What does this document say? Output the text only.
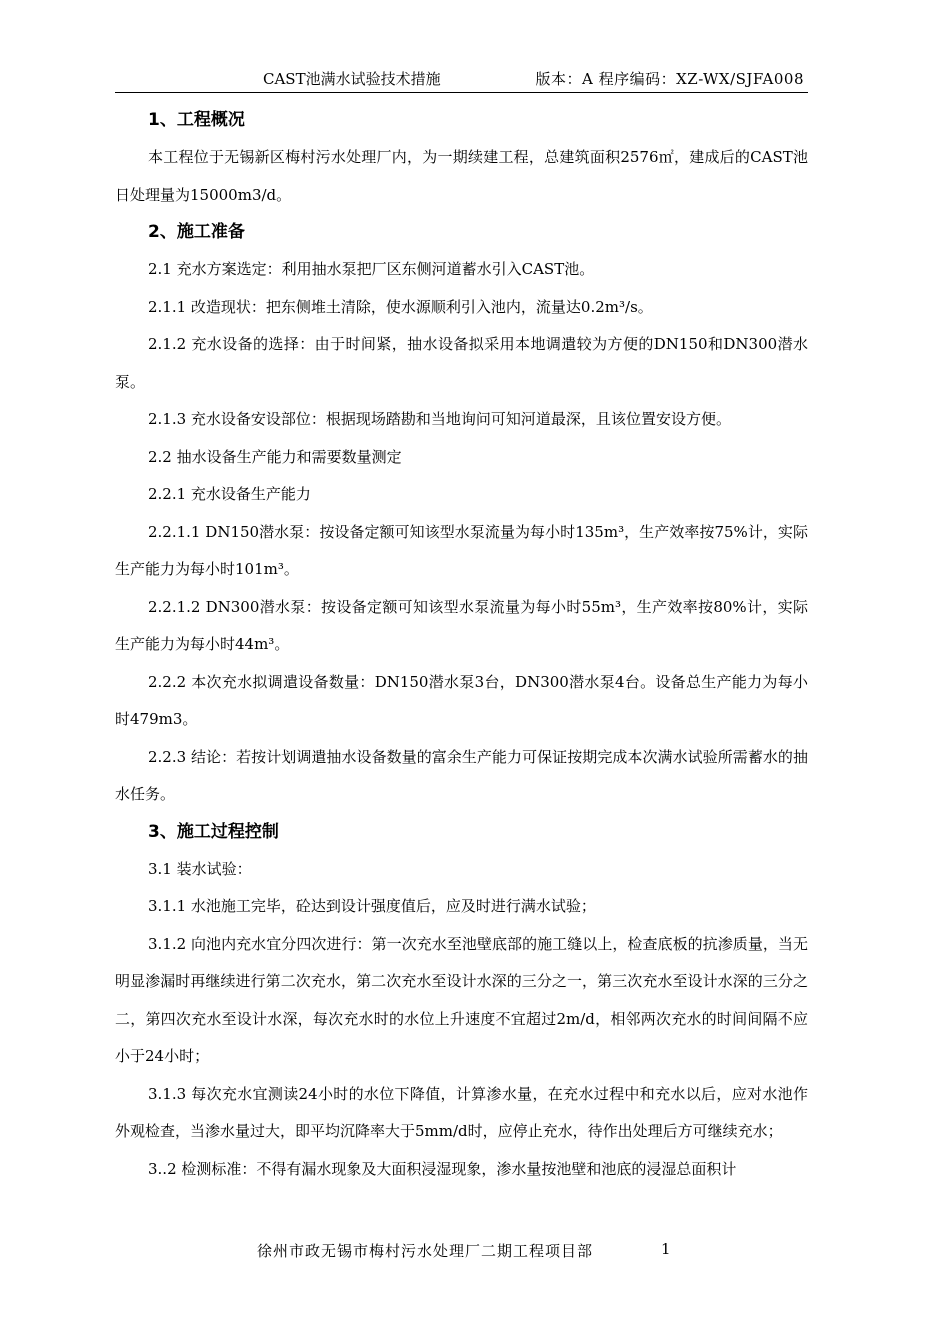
CAST池满水试验技术措施	版本：A 程序编码：XZ-WX/SJFA008
1、工程概况

本工程位于无锡新区梅村污水处理厂内，为一期续建工程，总建筑面积2576㎡，建成后的CAST池日处理量为15000m3/d。

2、施工准备

2.1 充水方案选定：利用抽水泵把厂区东侧河道蓄水引入CAST池。

2.1.1 改造现状：把东侧堆土清除，使水源顺利引入池内，流量达0.2m³/s。

2.1.2 充水设备的选择：由于时间紧，抽水设备拟采用本地调遣较为方便的DN150和DN300潜水泵。

2.1.3 充水设备安设部位：根据现场踏勘和当地询问可知河道最深，且该位置安设方便。

2.2 抽水设备生产能力和需要数量测定

2.2.1 充水设备生产能力

2.2.1.1 DN150潜水泵：按设备定额可知该型水泵流量为每小时135m³，生产效率按75%计，实际生产能力为每小时101m³。

2.2.1.2 DN300潜水泵：按设备定额可知该型水泵流量为每小时55m³，生产效率按80%计，实际生产能力为每小时44m³。

2.2.2 本次充水拟调遣设备数量：DN150潜水泵3台，DN300潜水泵4台。设备总生产能力为每小时479m3。

2.2.3 结论：若按计划调遣抽水设备数量的富余生产能力可保证按期完成本次满水试验所需蓄水的抽水任务。

3、施工过程控制

3.1 装水试验：

3.1.1 水池施工完毕，砼达到设计强度值后，应及时进行满水试验；

3.1.2 向池内充水宜分四次进行：第一次充水至池壁底部的施工缝以上，检查底板的抗渗质量，当无明显渗漏时再继续进行第二次充水，第二次充水至设计水深的三分之一，第三次充水至设计水深的三分之二，第四次充水至设计水深，每次充水时的水位上升速度不宜超过2m/d，相邻两次充水的时间间隔不应小于24小时；

3.1.3 每次充水宜测读24小时的水位下降值，计算渗水量，在充水过程中和充水以后，应对水池作外观检查，当渗水量过大，即平均沉降率大于5mm/d时，应停止充水，待作出处理后方可继续充水；

3..2 检测标准：不得有漏水现象及大面积浸湿现象，渗水量按池壁和池底的浸湿总面积计

徐州市政无锡市梅村污水处理厂二期工程项目部	1
